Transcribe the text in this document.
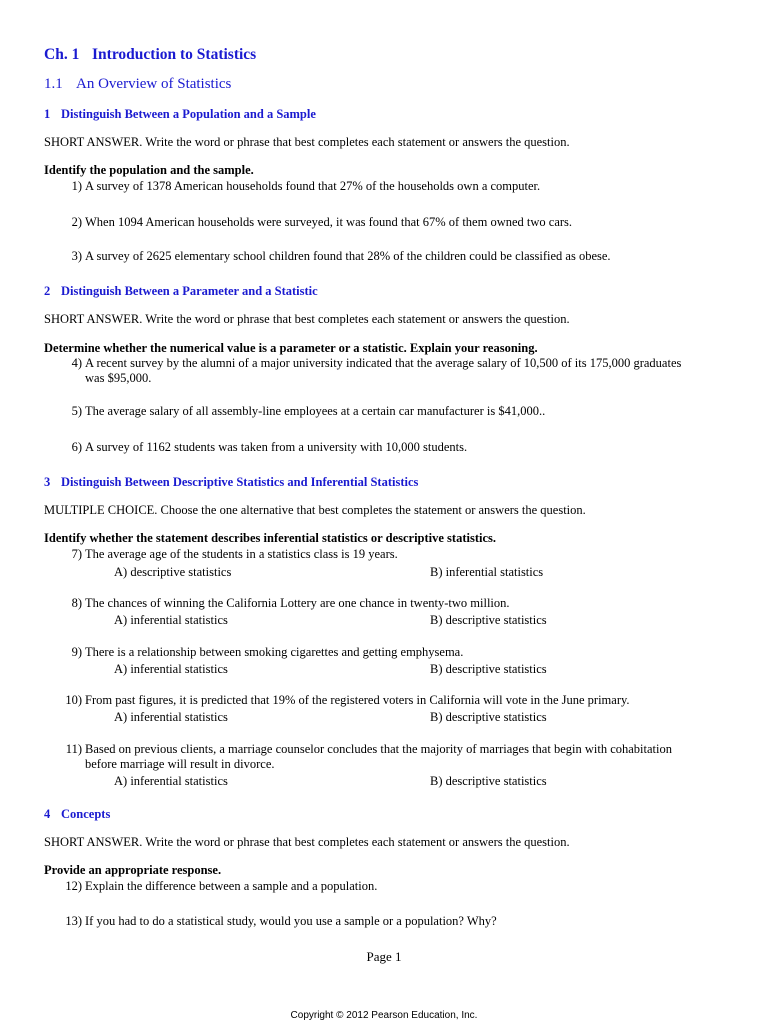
Ch. 1 Introduction to Statistics
1.1 An Overview of Statistics
1 Distinguish Between a Population and a Sample
SHORT ANSWER. Write the word or phrase that best completes each statement or answers the question.
Identify the population and the sample.
1) A survey of 1378 American households found that 27% of the households own a computer.
2) When 1094 American households were surveyed, it was found that 67% of them owned two cars.
3) A survey of 2625 elementary school children found that 28% of the children could be classified as obese.
2 Distinguish Between a Parameter and a Statistic
SHORT ANSWER. Write the word or phrase that best completes each statement or answers the question.
Determine whether the numerical value is a parameter or a statistic. Explain your reasoning.
4) A recent survey by the alumni of a major university indicated that the average salary of 10,500 of its 175,000 graduates was $95,000.
5) The average salary of all assembly-line employees at a certain car manufacturer is $41,000..
6) A survey of 1162 students was taken from a university with 10,000 students.
3 Distinguish Between Descriptive Statistics and Inferential Statistics
MULTIPLE CHOICE. Choose the one alternative that best completes the statement or answers the question.
Identify whether the statement describes inferential statistics or descriptive statistics.
7) The average age of the students in a statistics class is 19 years.
A) descriptive statistics	B) inferential statistics
8) The chances of winning the California Lottery are one chance in twenty-two million.
A) inferential statistics	B) descriptive statistics
9) There is a relationship between smoking cigarettes and getting emphysema.
A) inferential statistics	B) descriptive statistics
10) From past figures, it is predicted that 19% of the registered voters in California will vote in the June primary.
A) inferential statistics	B) descriptive statistics
11) Based on previous clients, a marriage counselor concludes that the majority of marriages that begin with cohabitation before marriage will result in divorce.
A) inferential statistics	B) descriptive statistics
4 Concepts
SHORT ANSWER. Write the word or phrase that best completes each statement or answers the question.
Provide an appropriate response.
12) Explain the difference between a sample and a population.
13) If you had to do a statistical study, would you use a sample or a population? Why?
Page 1
Copyright © 2012 Pearson Education, Inc.
